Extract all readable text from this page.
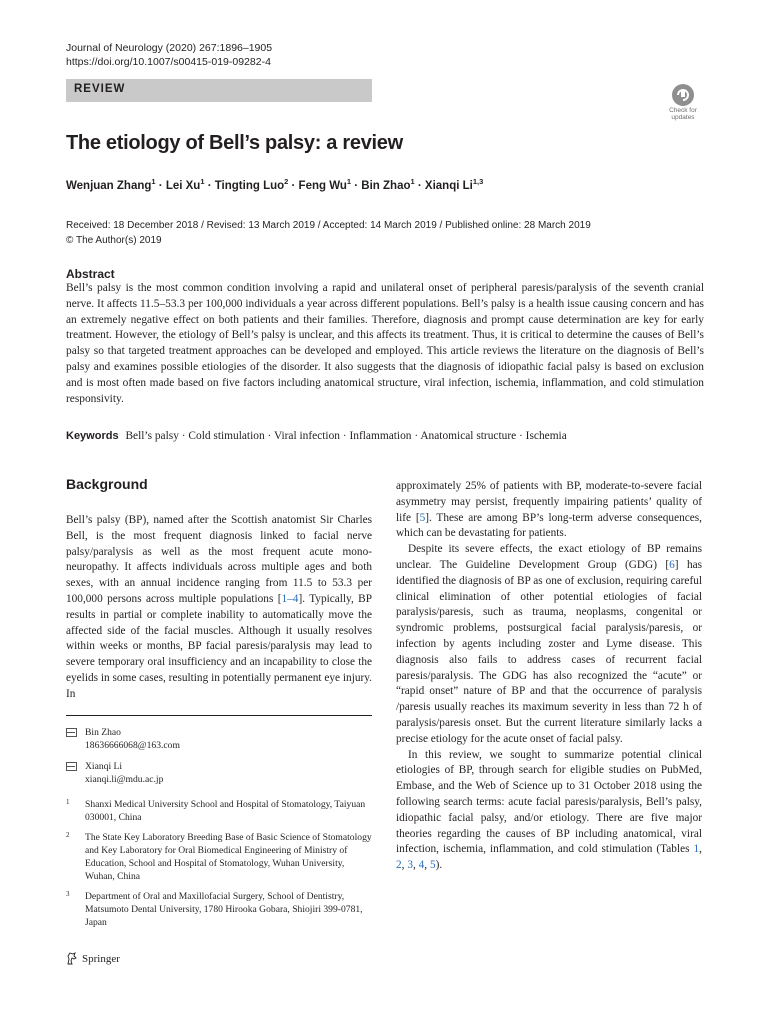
Journal of Neurology (2020) 267:1896–1905
https://doi.org/10.1007/s00415-019-09282-4
REVIEW
Check for
updates
The etiology of Bell’s palsy: a review
Wenjuan Zhang$^1$ · Lei $Xu^1$ · Tingting Luo$^2$ · Feng $Wu^1$ · Bin Zhao$^1$ · Xianqi Li$^{1,3}$
Received: 18 December 2018 / Revised: 13 March 2019 / Accepted: 14 March 2019 / Published online: 28 March 2019
© The Author(s) 2019
Abstract
Bell’s palsy is the most common condition involving a rapid and unilateral onset of peripheral paresis/paralysis of the seventh cranial nerve. It affects 11.5–53.3 per 100,000 individuals a year across different populations. Bell’s palsy is a health issue causing concern and has an extremely negative effect on both patients and their families. Therefore, diagnosis and prompt cause determination are key for early treatment. However, the etiology of Bell’s palsy is unclear, and this affects its treatment. Thus, it is critical to determine the causes of Bell’s palsy so that targeted treatment approaches can be developed and employed. This article reviews the literature on the diagnosis of Bell’s palsy and examines possible etiologies of the disorder. It also suggests that the diagnosis of idiopathic facial palsy is based on exclusion and is most often made based on five factors including anatomical structure, viral infection, ischemia, inflammation, and cold stimulation responsivity.
Keywords Bell’s palsy · Cold stimulation · Viral infection · Inflammation · Anatomical structure · Ischemia
Background

Bell’s palsy (BP), named after the Scottish anatomist Sir Charles Bell, is the most frequent diagnosis linked to facial nerve palsy/paralysis as well as the most frequent acute mono-neuropathy. It affects individuals across multiple ages and both sexes, with an annual incidence ranging from 11.5 to 53.3 per 100,000 persons across multiple populations [1–4]. Typically, BP results in partial or complete inability to automatically move the affected side of the facial muscles. Although it usually resolves within weeks or months, BP facial paresis/paralysis may lead to severe temporary oral insufficiency and an incapability to close the eyelids in some cases, resulting in potentially permanent eye injury. In

approximately 25% of patients with BP, moderate-to-severe facial asymmetry may persist, frequently impairing patients’ quality of life [5]. These are among BP’s long-term adverse consequences, which can be devastating for patients.

Despite its severe effects, the exact etiology of BP remains unclear. The Guideline Development Group (GDG) [6] has identified the diagnosis of BP as one of exclusion, requiring careful clinical elimination of other potential etiologies of facial paralysis/paresis, such as trauma, neoplasms, congenital or syndromic problems, postsurgical facial paralysis/paresis, or infection by agents including zoster and Lyme disease. This diagnosis also fails to address cases of recurrent facial paresis/paralysis. The GDG has also recognized the “acute” or “rapid onset” nature of BP and that the occurrence of paralysis /paresis usually reaches its maximum severity in less than 72 h of paralysis/paresis onset. But the current literature similarly lacks a precise etiology for the acute onset of facial palsy.

In this review, we sought to summarize potential clinical etiologies of BP, through search for eligible studies on PubMed, Embase, and the Web of Science up to 31 October 2018 using the following search terms: acute facial paresis/paralysis, Bell’s palsy, idiopathic facial palsy, and/or etiology. There are five major theories regarding the causes of BP including anatomical, viral infection, ischemia, inflammation, and cold stimulation (Tables 1, 2, 3, 4, 5).

Bin Zhao
18636666068@163.com
Xianqi Li
xianqi.li@mdu.ac.jp
1	Shanxi Medical University School and Hospital of Stomatology, Taiyuan 030001, China
2	The State Key Laboratory Breeding Base of Basic Science of Stomatology and Key Laboratory for Oral Biomedical Engineering of Ministry of Education, School and Hospital of Stomatology, Wuhan University, Wuhan, China
3	Department of Oral and Maxillofacial Surgery, School of Dentistry, Matsumoto Dental University, 1780 Hirooka Gobara, Shiojiri 399-0781, Japan
Springer
